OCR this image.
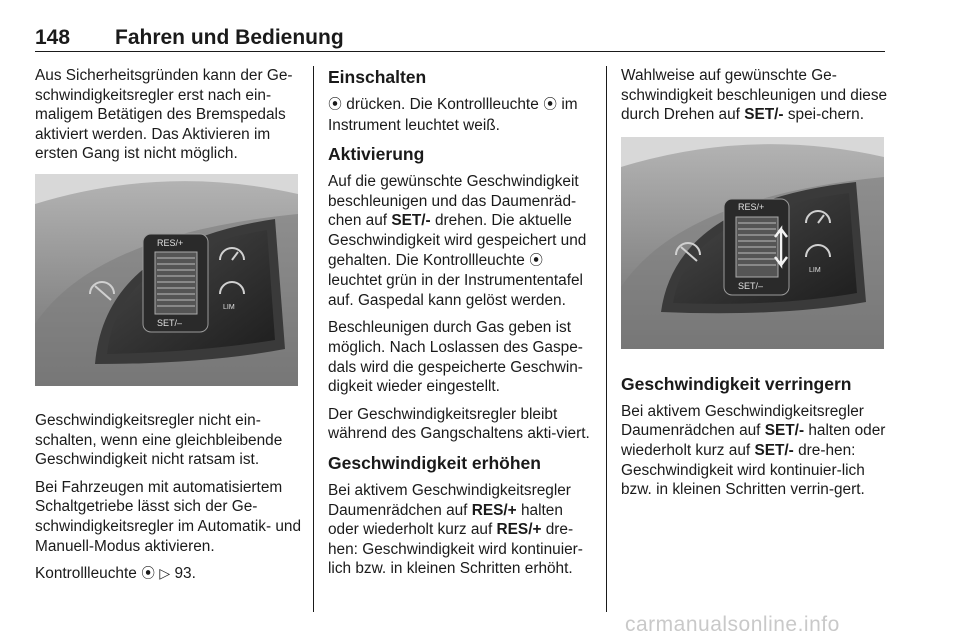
148 Fahren und Bedienung

Aus Sicherheitsgründen kann der Ge-schwindigkeitsregler erst nach ein-maligem Betätigen des Bremspedals aktiviert werden. Das Aktivieren im ersten Gang ist nicht möglich.

RES/+
SET/–
LIM

Geschwindigkeitsregler nicht ein-schalten, wenn eine gleichbleibende Geschwindigkeit nicht ratsam ist.

Bei Fahrzeugen mit automatisiertem Schaltgetriebe lässt sich der Ge-schwindigkeitsregler im Automatik- und Manuell-Modus aktivieren.

Kontrollleuchte ⦿ ▷ 93.

Einschalten

⦿ drücken. Die Kontrollleuchte ⦿ im Instrument leuchtet weiß.

Aktivierung

Auf die gewünschte Geschwindigkeit beschleunigen und das Daumenräd-chen auf SET/- drehen. Die aktuelle Geschwindigkeit wird gespeichert und gehalten. Die Kontrollleuchte ⦿ leuchtet grün in der Instrumententafel auf. Gaspedal kann gelöst werden.

Beschleunigen durch Gas geben ist möglich. Nach Loslassen des Gaspe-dals wird die gespeicherte Geschwin-digkeit wieder eingestellt.

Der Geschwindigkeitsregler bleibt während des Gangschaltens akti-viert.

Geschwindigkeit erhöhen

Bei aktivem Geschwindigkeitsregler Daumenrädchen auf RES/+ halten oder wiederholt kurz auf RES/+ dre-hen: Geschwindigkeit wird kontinuier-lich bzw. in kleinen Schritten erhöht.

Wahlweise auf gewünschte Ge-schwindigkeit beschleunigen und diese durch Drehen auf SET/- spei-chern.

RES/+
SET/–
LIM
Geschwindigkeit verringern

Bei aktivem Geschwindigkeitsregler Daumenrädchen auf SET/- halten oder wiederholt kurz auf SET/- dre-hen: Geschwindigkeit wird kontinuier-lich bzw. in kleinen Schritten verrin-gert.

carmanualsonline.info
